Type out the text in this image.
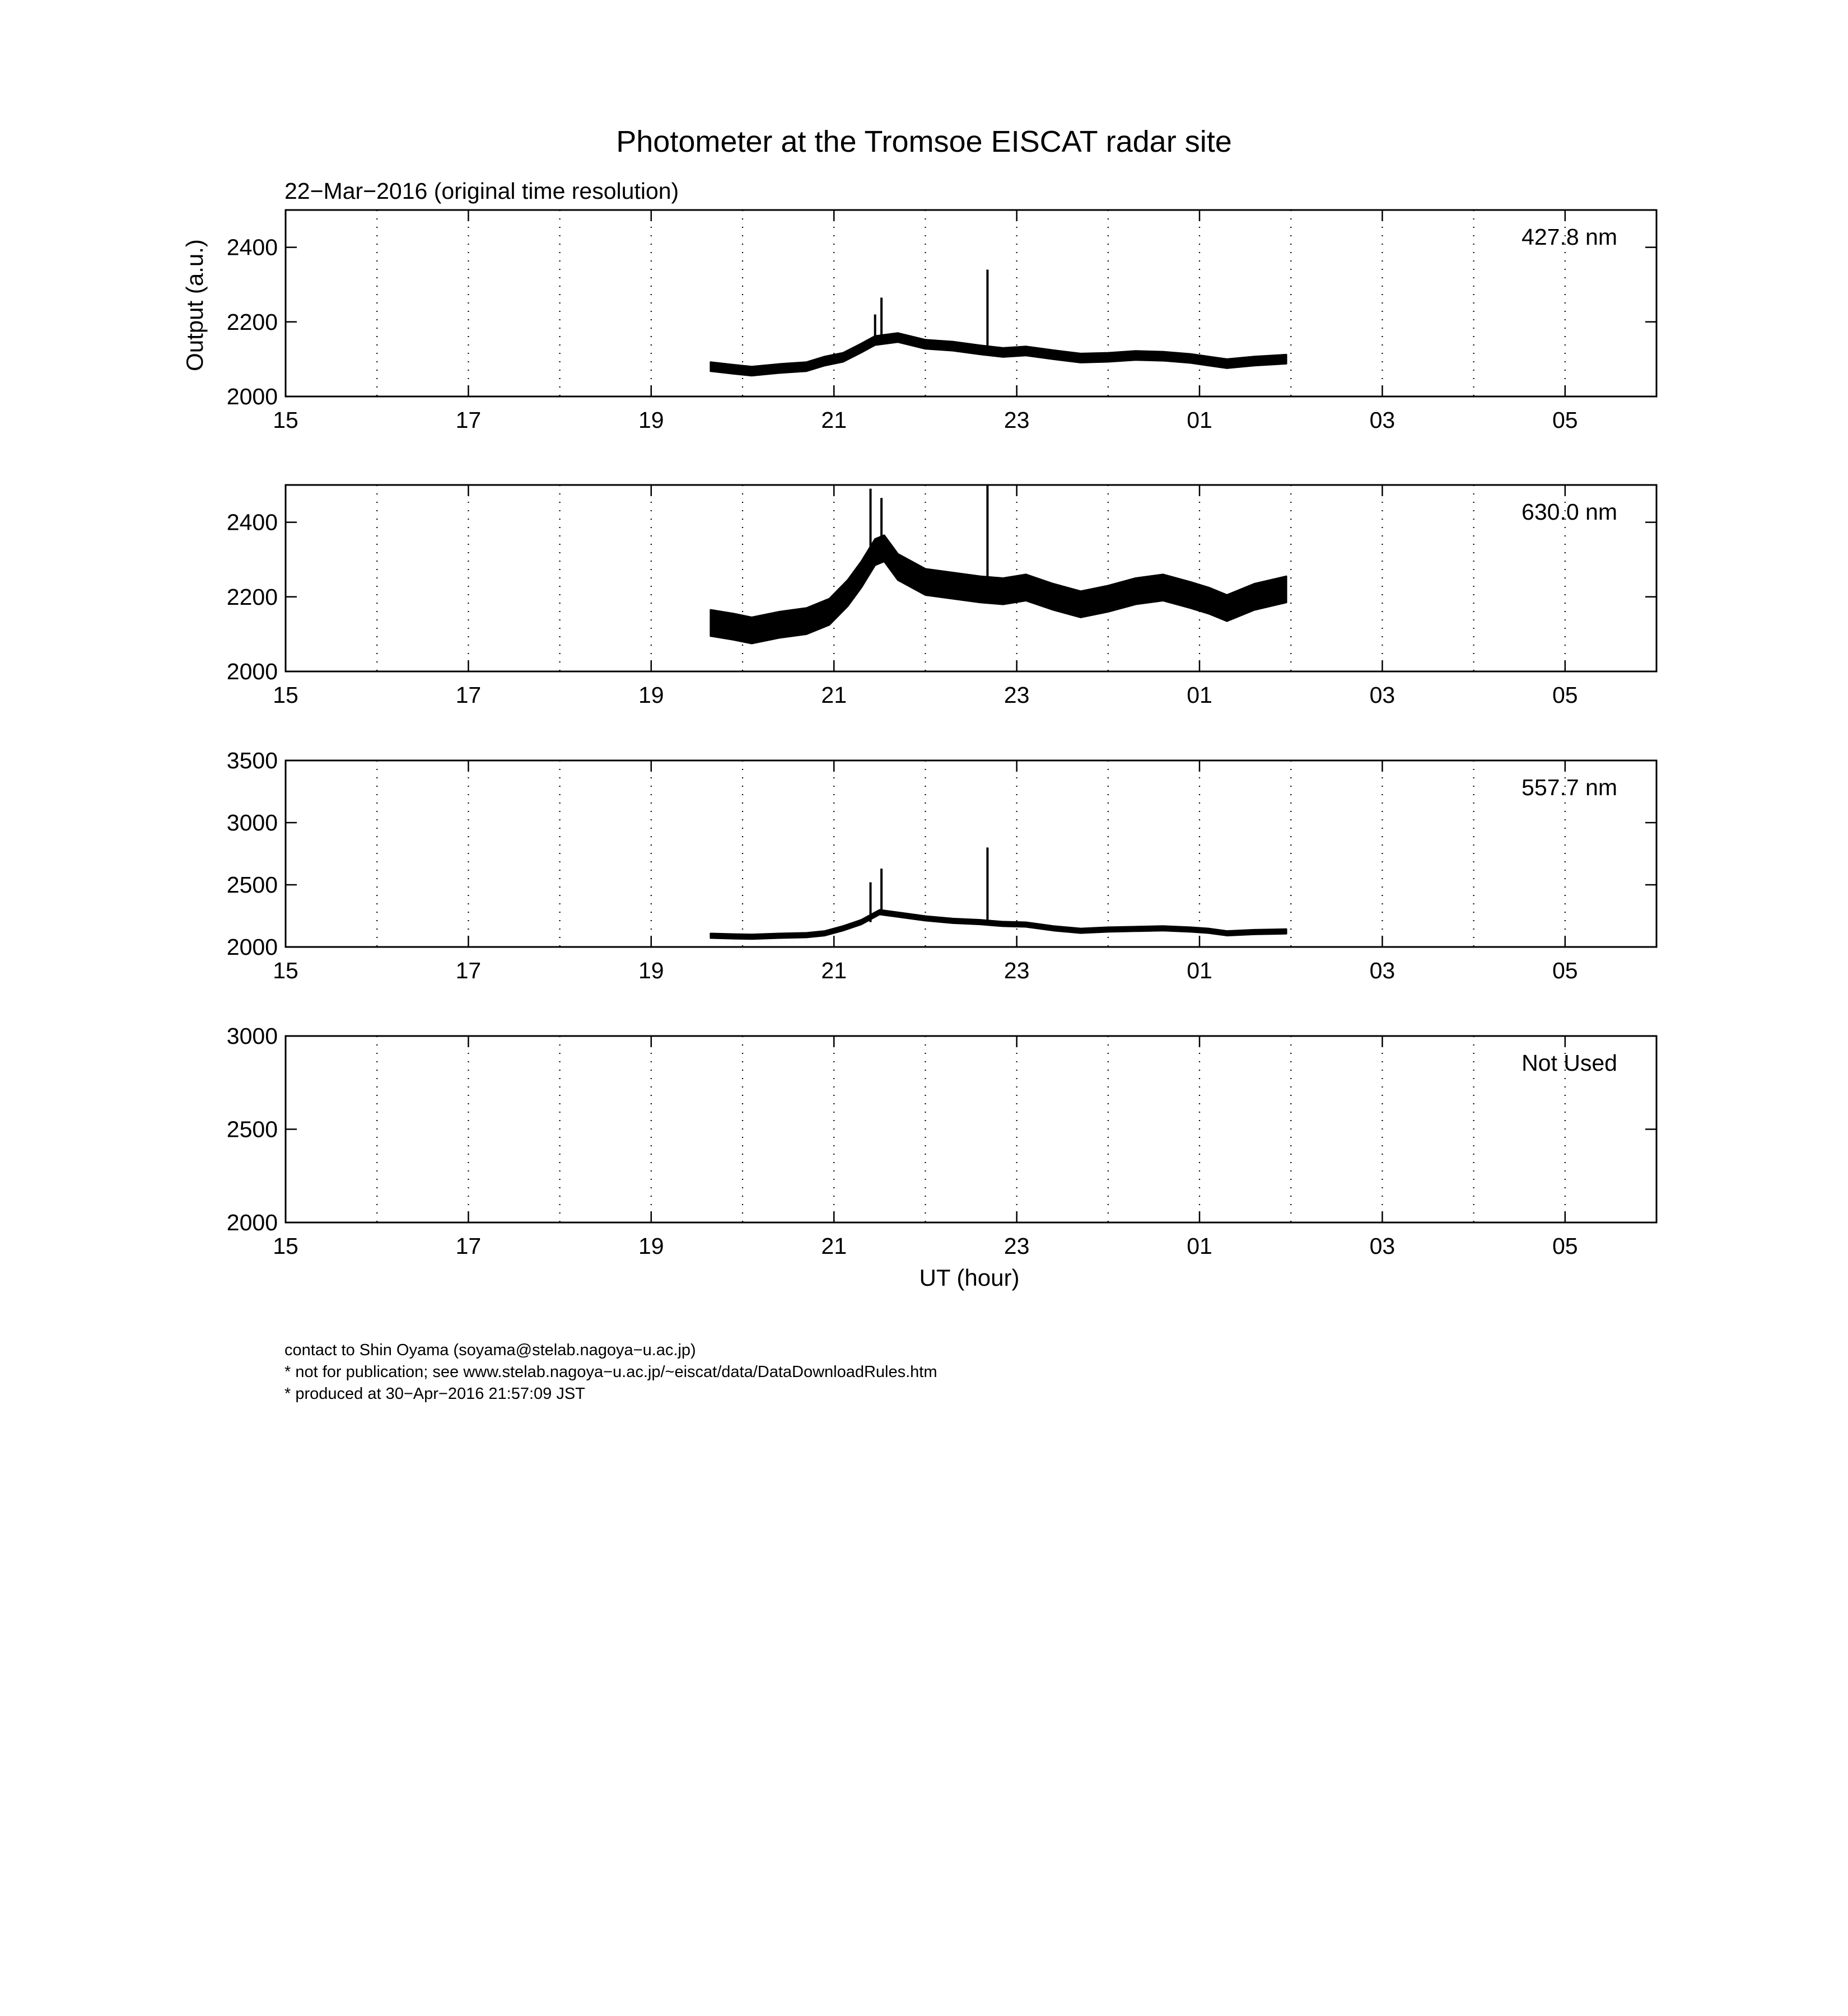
Photometer at the Tromsoe EISCAT radar site
22−Mar−2016 (original time resolution)
Output (a.u.)
UT (hour)
15	17	19	21	23	01	03	05
2000
2200
2400	427.8 nm
15	17	19	21	23	01	03	05
2000
2200
2400	630.0 nm
15	17	19	21	23	01	03	05
2000
2500
3000
3500
557.7 nm
15	17	19	21	23	01	03	05
2000
2500
3000
Not Used
contact to Shin Oyama (soyama@stelab.nagoya−u.ac.jp)
* not for publication; see www.stelab.nagoya−u.ac.jp/~eiscat/data/DataDownloadRules.htm
* produced at 30−Apr−2016 21:57:09 JST
